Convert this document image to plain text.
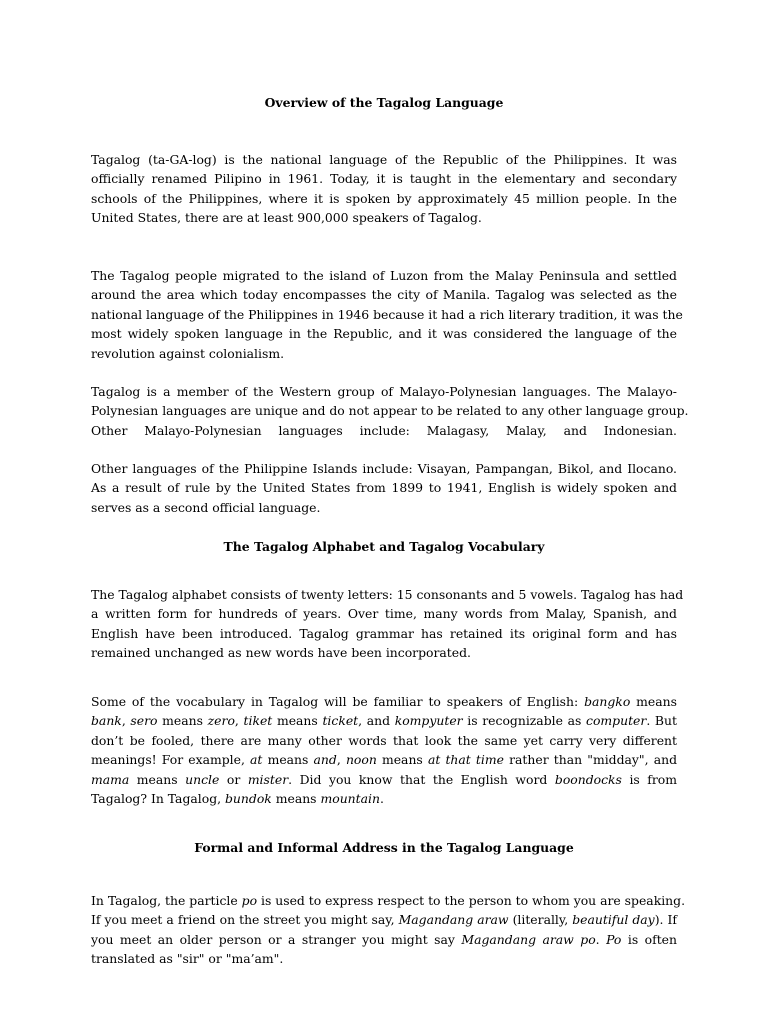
Overview of the Tagalog Language

Tagalog (ta-GA-log) is the national language of the Republic of the Philippines. It was
officially renamed Pilipino in 1961. Today, it is taught in the elementary and secondary
schools of the Philippines, where it is spoken by approximately 45 million people. In the
United States, there are at least 900,000 speakers of Tagalog.

The Tagalog people migrated to the island of Luzon from the Malay Peninsula and settled
around the area which today encompasses the city of Manila. Tagalog was selected as the
national language of the Philippines in 1946 because it had a rich literary tradition, it was the
most widely spoken language in the Republic, and it was considered the language of the
revolution against colonialism.

Tagalog is a member of the Western group of Malayo-Polynesian languages. The Malayo-
Polynesian languages are unique and do not appear to be related to any other language group.
Other Malayo-Polynesian languages include: Malagasy, Malay, and Indonesian.

Other languages of the Philippine Islands include: Visayan, Pampangan, Bikol, and Ilocano.
As a result of rule by the United States from 1899 to 1941, English is widely spoken and
serves as a second official language.

The Tagalog Alphabet and Tagalog Vocabulary

The Tagalog alphabet consists of twenty letters: 15 consonants and 5 vowels. Tagalog has had
a written form for hundreds of years. Over time, many words from Malay, Spanish, and
English have been introduced. Tagalog grammar has retained its original form and has
remained unchanged as new words have been incorporated.

Some of the vocabulary in Tagalog will be familiar to speakers of English: bangko means
bank, sero means zero, tiket means ticket, and kompyuter is recognizable as computer. But
don’t be fooled, there are many other words that look the same yet carry very different
meanings! For example, at means and, noon means at that time rather than "midday", and
mama means uncle or mister. Did you know that the English word boondocks is from
Tagalog? In Tagalog, bundok means mountain.

Formal and Informal Address in the Tagalog Language

In Tagalog, the particle po is used to express respect to the person to whom you are speaking.
If you meet a friend on the street you might say, Magandang araw (literally, beautiful day). If
you meet an older person or a stranger you might say Magandang araw po. Po is often
translated as "sir" or "ma’am".
